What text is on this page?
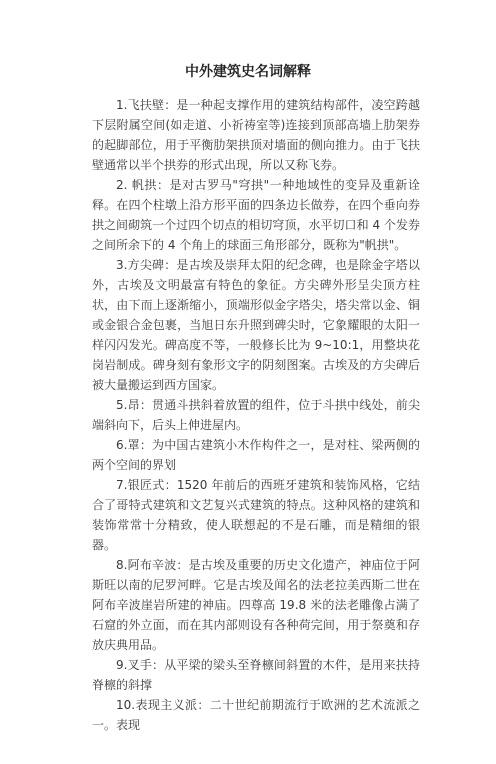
中外建筑史名词解释

1.飞扶壁：是一种起支撑作用的建筑结构部件，凌空跨越下层附属空间(如走道、小祈祷室等)连接到顶部高墙上肋架券的起脚部位，用于平衡肋架拱顶对墙面的侧向推力。由于飞扶壁通常以半个拱券的形式出现，所以又称飞券。

2. 帆拱：是对古罗马"穹拱"一种地域性的变异及重新诠释。在四个柱墩上沿方形平面的四条边长做券，在四个垂向券拱之间砌筑一个过四个切点的相切穹顶，水平切口和 4 个发券之间所余下的 4 个角上的球面三角形部分，既称为"帆拱"。

3.方尖碑：是古埃及崇拜太阳的纪念碑，也是除金字塔以外，古埃及文明最富有特色的象征。方尖碑外形呈尖顶方柱状，由下而上逐渐缩小，顶端形似金字塔尖，塔尖常以金、铜或金银合金包裹，当旭日东升照到碑尖时，它象耀眼的太阳一样闪闪发光。碑高度不等，一般修长比为 9~10:1，用整块花岗岩制成。碑身刻有象形文字的阴刻图案。古埃及的方尖碑后被大量搬运到西方国家。

5.昂：贯通斗拱斜着放置的组件，位于斗拱中线处，前尖端斜向下，后头上伸进屋内。

6.罩：为中国古建筑小木作构件之一，是对柱、梁两侧的两个空间的界划

7.银匠式：1520 年前后的西班牙建筑和装饰风格，它结合了哥特式建筑和文艺复兴式建筑的特点。这种风格的建筑和装饰常常十分精致，使人联想起的不是石雕，而是精细的银器。

8.阿布辛波：是古埃及重要的历史文化遗产，神庙位于阿斯旺以南的尼罗河畔。它是古埃及闻名的法老拉美西斯二世在阿布辛波崖岩所建的神庙。四尊高 19.8 米的法老雕像占满了石窟的外立面，而在其内部则设有各种荷完间，用于祭奠和存放庆典用品。

9.叉手：从平梁的梁头至脊檩间斜置的木件，是用来扶持脊檩的斜撑

10.表现主义派：二十世纪前期流行于欧洲的艺术流派之一。表现
